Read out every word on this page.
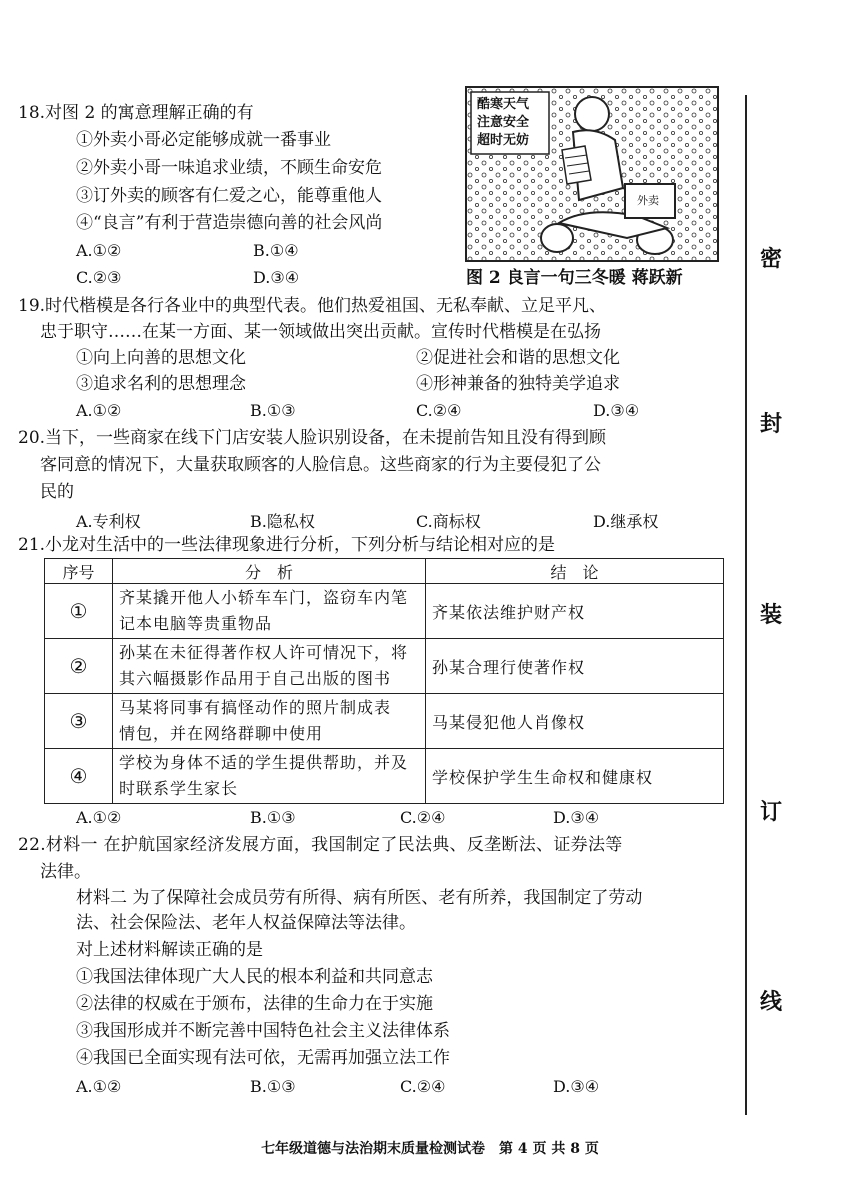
18.对图 2 的寓意理解正确的有
①外卖小哥必定能够成就一番事业
②外卖小哥一味追求业绩，不顾生命安危
③订外卖的顾客有仁爱之心，能尊重他人
④“良言”有利于营造崇德向善的社会风尚
A.①②	B.①④
C.②③	D.③④
酷寒天气
注意安全
超时无妨
外卖
图 2 良言一句三冬暖 蒋跃新
19.时代楷模是各行各业中的典型代表。他们热爱祖国、无私奉献、立足平凡、
忠于职守……在某一方面、某一领域做出突出贡献。宣传时代楷模是在弘扬
①向上向善的思想文化	②促进社会和谐的思想文化
③追求名利的思想理念	④形神兼备的独特美学追求
A.①②	B.①③	C.②④	D.③④
20.当下，一些商家在线下门店安装人脸识别设备，在未提前告知且没有得到顾
客同意的情况下，大量获取顾客的人脸信息。这些商家的行为主要侵犯了公
民的
A.专利权	B.隐私权	C.商标权	D.继承权
21.小龙对生活中的一些法律现象进行分析，下列分析与结论相对应的是
序号	分　析	结　论
①	齐某撬开他人小轿车车门，盗窃车内笔
记本电脑等贵重物品	齐某依法维护财产权
②	孙某在未征得著作权人许可情况下，将
其六幅摄影作品用于自己出版的图书	孙某合理行使著作权
③	马某将同事有搞怪动作的照片制成表
情包，并在网络群聊中使用	马某侵犯他人肖像权
④	学校为身体不适的学生提供帮助，并及
时联系学生家长	学校保护学生生命权和健康权
A.①②	B.①③	C.②④	D.③④
22.材料一 在护航国家经济发展方面，我国制定了民法典、反垄断法、证券法等
法律。
材料二 为了保障社会成员劳有所得、病有所医、老有所养，我国制定了劳动
法、社会保险法、老年人权益保障法等法律。
对上述材料解读正确的是
①我国法律体现广大人民的根本利益和共同意志
②法律的权威在于颁布，法律的生命力在于实施
③我国形成并不断完善中国特色社会主义法律体系
④我国已全面实现有法可依，无需再加强立法工作
A.①②	B.①③	C.②④	D.③④
密
封
装
订
线
七年级道德与法治期末质量检测试卷　第 4 页 共 8 页
